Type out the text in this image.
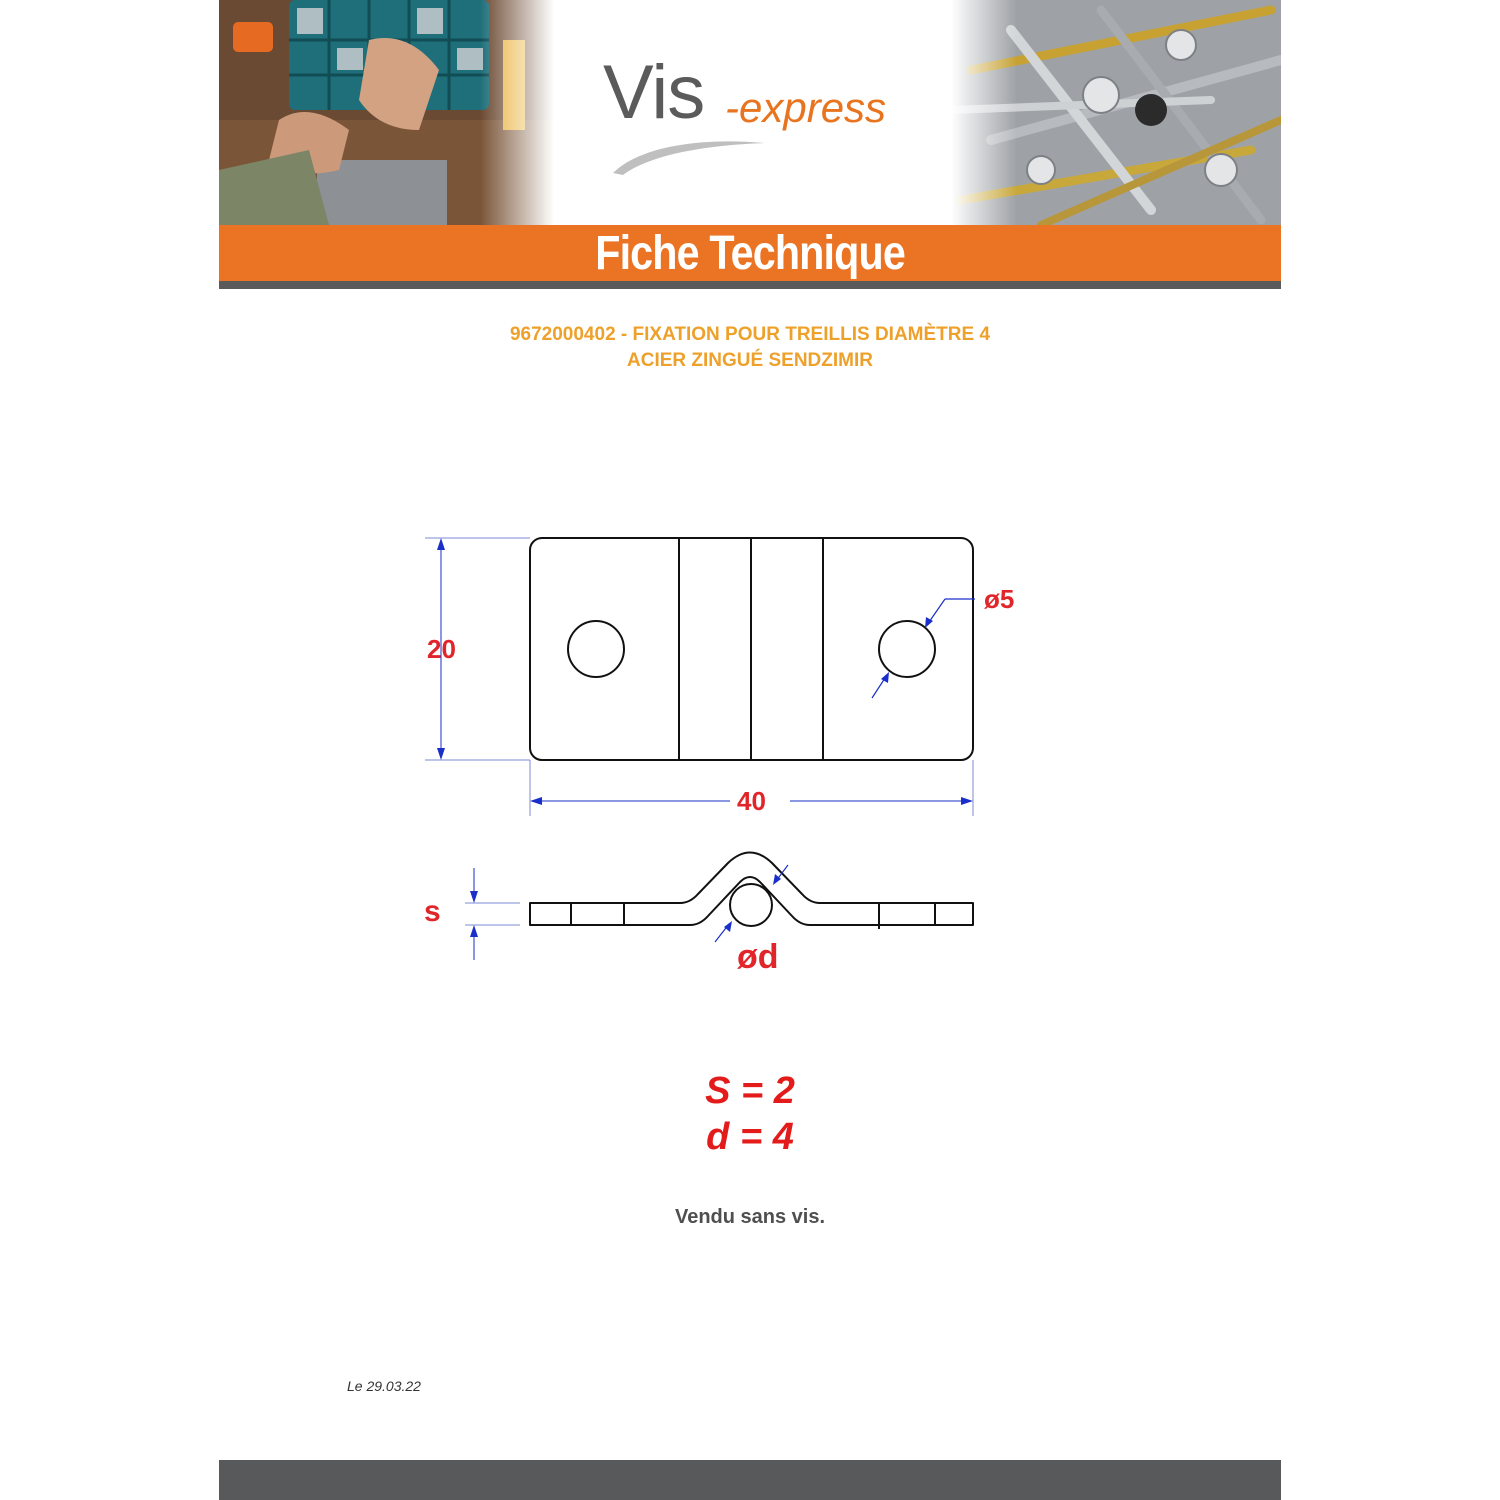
Vis -express
Fiche Technique
9672000402 - FIXATION POUR TREILLIS DIAMÈTRE 4
ACIER ZINGUÉ SENDZIMIR
20
40
ø5
s
ød
S = 2
d = 4
Vendu sans vis.
Le 29.03.22
